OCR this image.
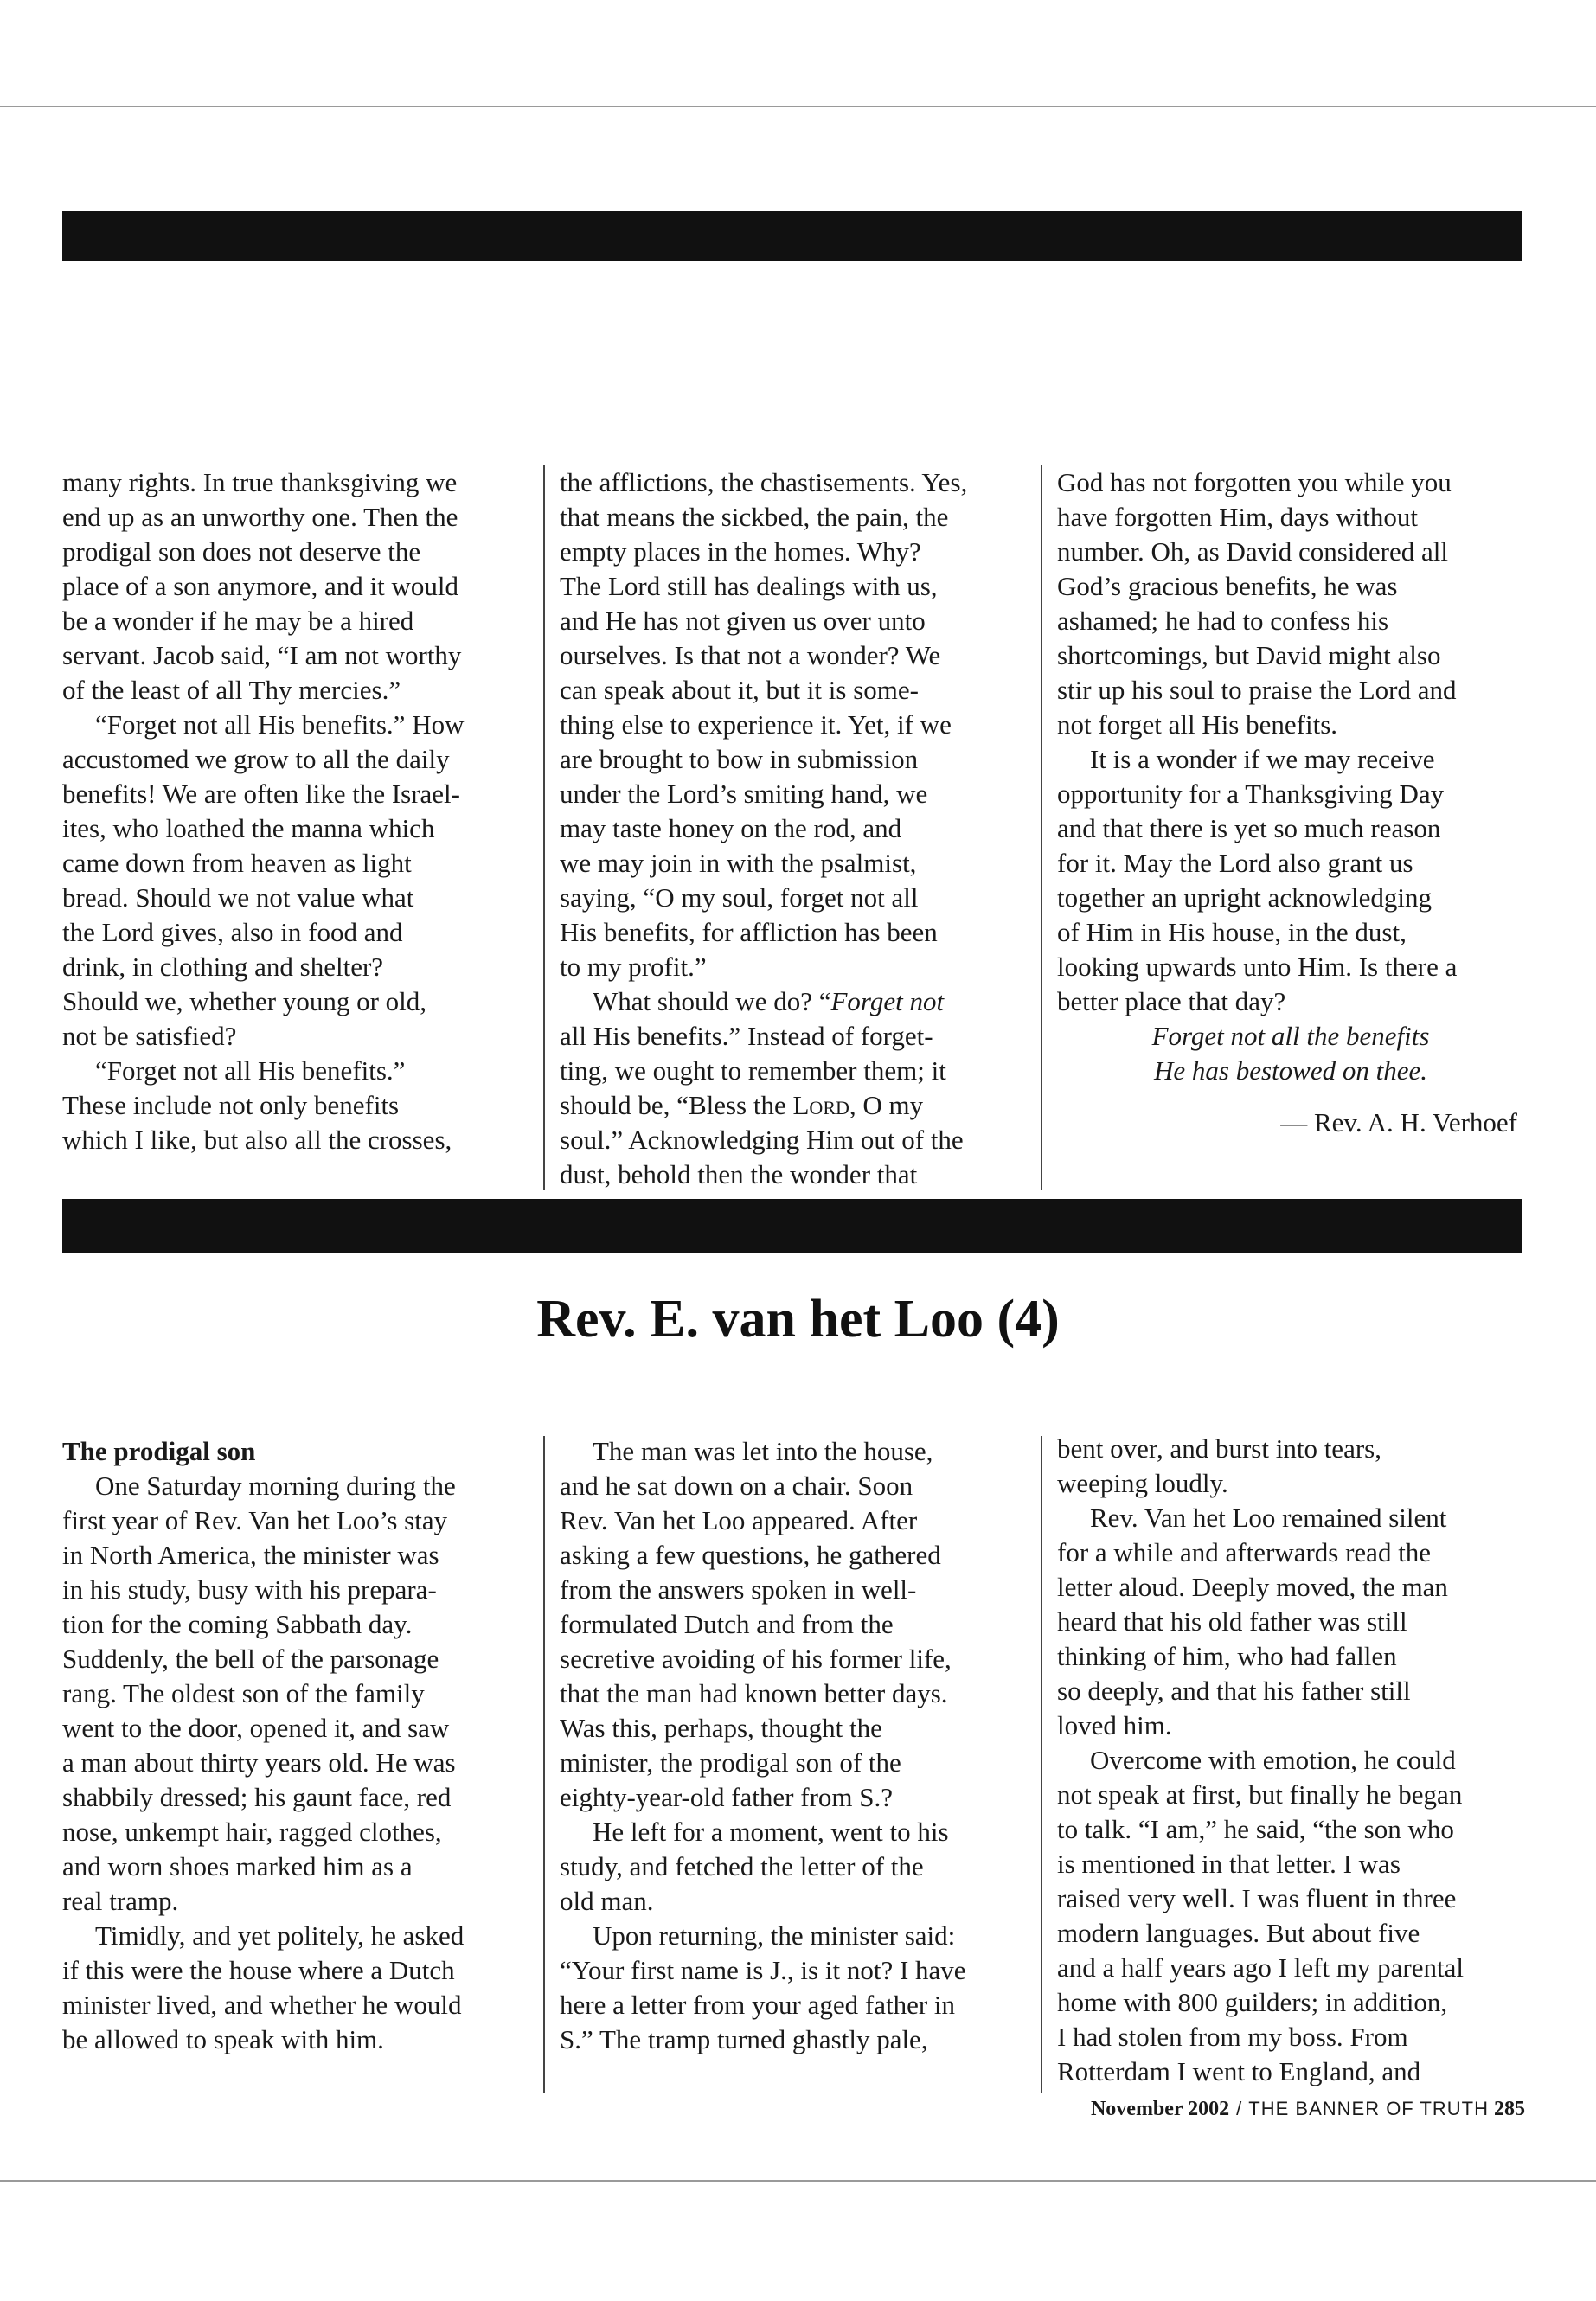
many rights. In true thanksgiving we
end up as an unworthy one. Then the
prodigal son does not deserve the
place of a son anymore, and it would
be a wonder if he may be a hired
servant. Jacob said, “I am not worthy
of the least of all Thy mercies.”
“Forget not all His benefits.” How
accustomed we grow to all the daily
benefits! We are often like the Israel-
ites, who loathed the manna which
came down from heaven as light
bread. Should we not value what
the Lord gives, also in food and
drink, in clothing and shelter?
Should we, whether young or old,
not be satisfied?
“Forget not all His benefits.”
These include not only benefits
which I like, but also all the crosses,
the afflictions, the chastisements. Yes,
that means the sickbed, the pain, the
empty places in the homes. Why?
The Lord still has dealings with us,
and He has not given us over unto
ourselves. Is that not a wonder? We
can speak about it, but it is some-
thing else to experience it. Yet, if we
are brought to bow in submission
under the Lord’s smiting hand, we
may taste honey on the rod, and
we may join in with the psalmist,
saying, “O my soul, forget not all
His benefits, for affliction has been
to my profit.”
What should we do? “Forget not
all His benefits.” Instead of forget-
ting, we ought to remember them; it
should be, “Bless the Lord, O my
soul.” Acknowledging Him out of the
dust, behold then the wonder that
God has not forgotten you while you
have forgotten Him, days without
number. Oh, as David considered all
God’s gracious benefits, he was
ashamed; he had to confess his
shortcomings, but David might also
stir up his soul to praise the Lord and
not forget all His benefits.
It is a wonder if we may receive
opportunity for a Thanksgiving Day
and that there is yet so much reason
for it. May the Lord also grant us
together an upright acknowledging
of Him in His house, in the dust,
looking upwards unto Him. Is there a
better place that day?
Forget not all the benefits
He has bestowed on thee.
— Rev. A. H. Verhoef
Rev. E. van het Loo (4)
The prodigal son
One Saturday morning during the
first year of Rev. Van het Loo’s stay
in North America, the minister was
in his study, busy with his prepara-
tion for the coming Sabbath day.
Suddenly, the bell of the parsonage
rang. The oldest son of the family
went to the door, opened it, and saw
a man about thirty years old. He was
shabbily dressed; his gaunt face, red
nose, unkempt hair, ragged clothes,
and worn shoes marked him as a
real tramp.
Timidly, and yet politely, he asked
if this were the house where a Dutch
minister lived, and whether he would
be allowed to speak with him.
The man was let into the house,
and he sat down on a chair. Soon
Rev. Van het Loo appeared. After
asking a few questions, he gathered
from the answers spoken in well-
formulated Dutch and from the
secretive avoiding of his former life,
that the man had known better days.
Was this, perhaps, thought the
minister, the prodigal son of the
eighty-year-old father from S.?
He left for a moment, went to his
study, and fetched the letter of the
old man.
Upon returning, the minister said:
“Your first name is J., is it not? I have
here a letter from your aged father in
S.” The tramp turned ghastly pale,
bent over, and burst into tears,
weeping loudly.
Rev. Van het Loo remained silent
for a while and afterwards read the
letter aloud. Deeply moved, the man
heard that his old father was still
thinking of him, who had fallen
so deeply, and that his father still
loved him.
Overcome with emotion, he could
not speak at first, but finally he began
to talk. “I am,” he said, “the son who
is mentioned in that letter. I was
raised very well. I was fluent in three
modern languages. But about five
and a half years ago I left my parental
home with 800 guilders; in addition,
I had stolen from my boss. From
Rotterdam I went to England, and
November 2002 / THE BANNER OF TRUTH 285
